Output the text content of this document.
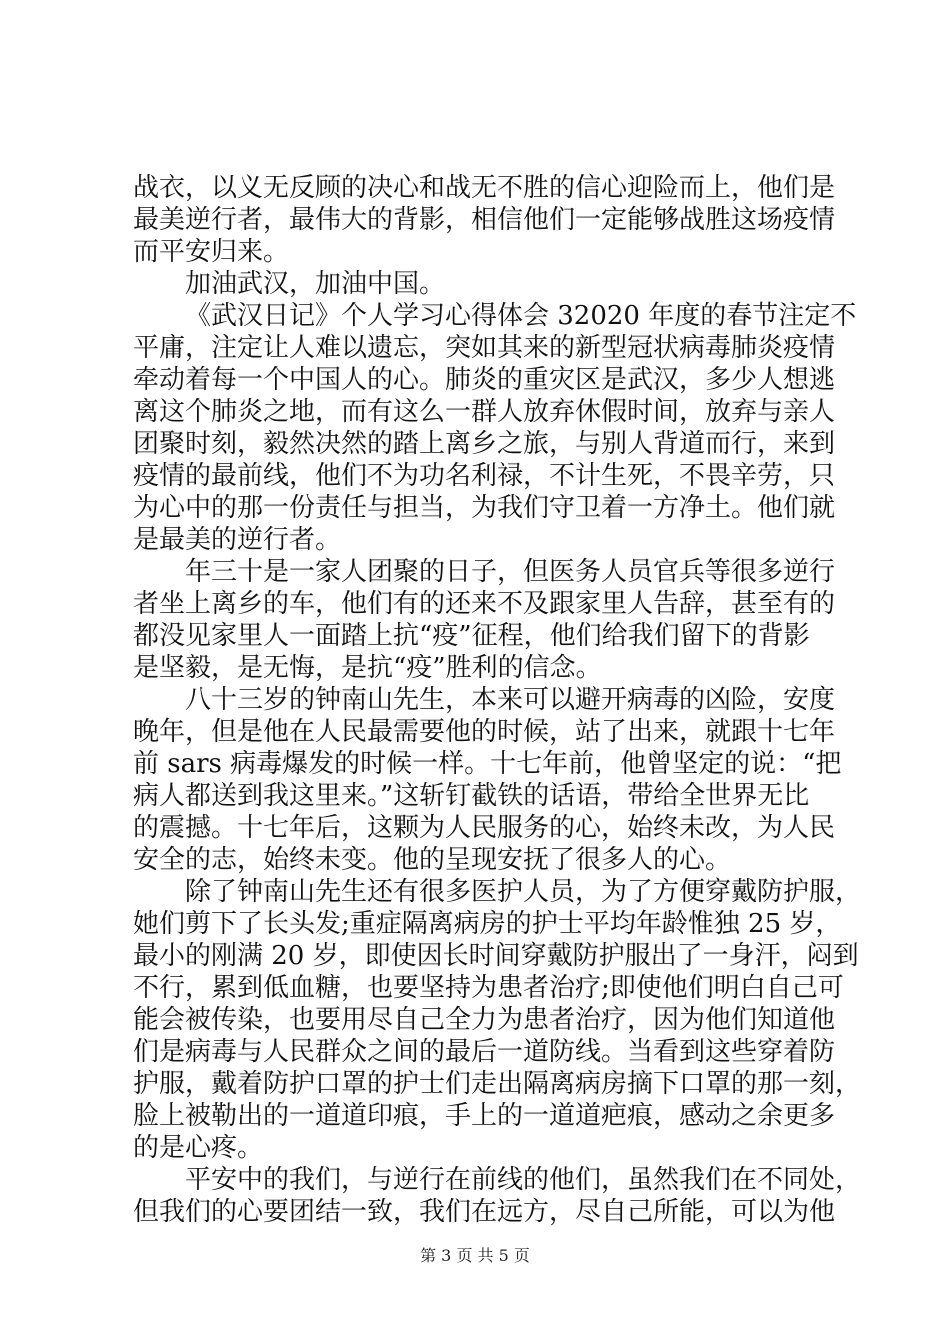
战衣，以义无反顾的决心和战无不胜的信心迎险而上，他们是
最美逆行者，最伟大的背影，相信他们一定能够战胜这场疫情
而平安归来。
加油武汉，加油中国。
《武汉日记》个人学习心得体会 32020 年度的春节注定不
平庸，注定让人难以遗忘，突如其来的新型冠状病毒肺炎疫情
牵动着每一个中国人的心。肺炎的重灾区是武汉，多少人想逃
离这个肺炎之地，而有这么一群人放弃休假时间，放弃与亲人
团聚时刻，毅然决然的踏上离乡之旅，与别人背道而行，来到
疫情的最前线，他们不为功名利禄，不计生死，不畏辛劳，只
为心中的那一份责任与担当，为我们守卫着一方净土。他们就
是最美的逆行者。
年三十是一家人团聚的日子，但医务人员官兵等很多逆行
者坐上离乡的车，他们有的还来不及跟家里人告辞，甚至有的
都没见家里人一面踏上抗“疫”征程，他们给我们留下的背影
是坚毅，是无悔，是抗“疫”胜利的信念。
八十三岁的钟南山先生，本来可以避开病毒的凶险，安度
晚年，但是他在人民最需要他的时候，站了出来，就跟十七年
前 sars 病毒爆发的时候一样。十七年前，他曾坚定的说：“把
病人都送到我这里来。”这斩钉截铁的话语，带给全世界无比
的震撼。十七年后，这颗为人民服务的心，始终未改，为人民
安全的志，始终未变。他的呈现安抚了很多人的心。
除了钟南山先生还有很多医护人员，为了方便穿戴防护服，
她们剪下了长头发;重症隔离病房的护士平均年龄惟独 25 岁，
最小的刚满 20 岁，即使因长时间穿戴防护服出了一身汗，闷到
不行，累到低血糖，也要坚持为患者治疗;即使他们明白自己可
能会被传染，也要用尽自己全力为患者治疗，因为他们知道他
们是病毒与人民群众之间的最后一道防线。当看到这些穿着防
护服，戴着防护口罩的护士们走出隔离病房摘下口罩的那一刻，
脸上被勒出的一道道印痕，手上的一道道疤痕，感动之余更多
的是心疼。
平安中的我们，与逆行在前线的他们，虽然我们在不同处，
但我们的心要团结一致，我们在远方，尽自己所能，可以为他
第 3 页 共 5 页
